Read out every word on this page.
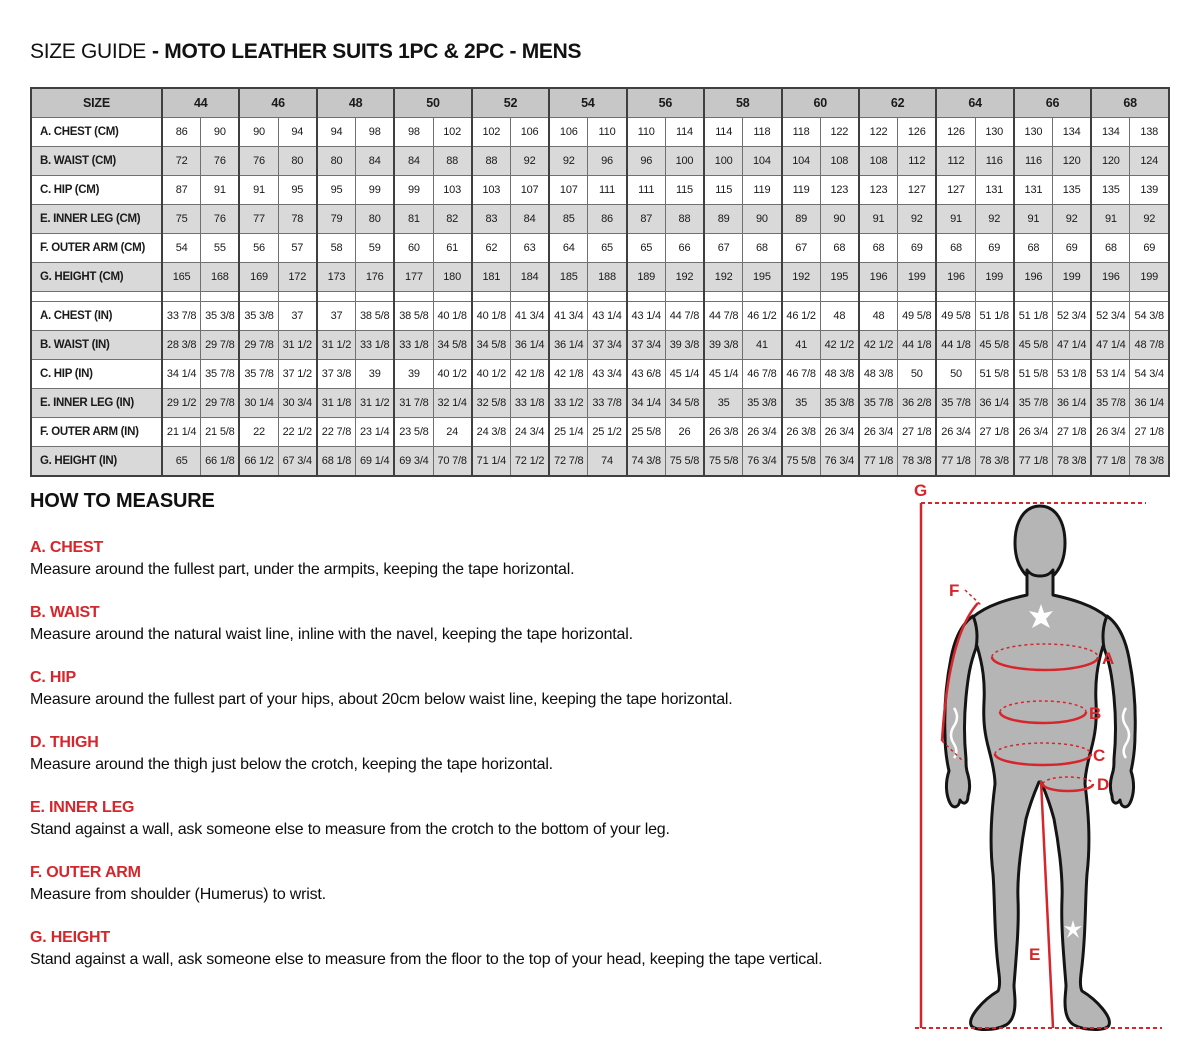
SIZE GUIDE - MOTO LEATHER SUITS 1PC & 2PC - MENS
SIZE	44		46		48		50		52		54		56		58		60		62		64		66		68	
A. CHEST (CM)	86	90	90	94	94	98	98	102	102	106	106	110	110	114	114	118	118	122	122	126	126	130	130	134	134	138
B. WAIST (CM)	72	76	76	80	80	84	84	88	88	92	92	96	96	100	100	104	104	108	108	112	112	116	116	120	120	124
C. HIP (CM)	87	91	91	95	95	99	99	103	103	107	107	111	111	115	115	119	119	123	123	127	127	131	131	135	135	139
E. INNER LEG (CM)	75	76	77	78	79	80	81	82	83	84	85	86	87	88	89	90	89	90	91	92	91	92	91	92	91	92
F. OUTER ARM (CM)	54	55	56	57	58	59	60	61	62	63	64	65	65	66	67	68	67	68	68	69	68	69	68	69	68	69
G. HEIGHT (CM)	165	168	169	172	173	176	177	180	181	184	185	188	189	192	192	195	192	195	196	199	196	199	196	199	196	199

A. CHEST (IN)	33 7/8	35 3/8	35 3/8	37	37	38 5/8	38 5/8	40 1/8	40 1/8	41 3/4	41 3/4	43 1/4	43 1/4	44 7/8	44 7/8	46 1/2	46 1/2	48	48	49 5/8	49 5/8	51 1/8	51 1/8	52 3/4	52 3/4	54 3/8
B. WAIST (IN)	28 3/8	29 7/8	29 7/8	31 1/2	31 1/2	33 1/8	33 1/8	34 5/8	34 5/8	36 1/4	36 1/4	37 3/4	37 3/4	39 3/8	39 3/8	41	41	42 1/2	42 1/2	44 1/8	44 1/8	45 5/8	45 5/8	47 1/4	47 1/4	48 7/8
C. HIP (IN)	34 1/4	35 7/8	35 7/8	37 1/2	37 3/8	39	39	40 1/2	40 1/2	42 1/8	42 1/8	43 3/4	43 6/8	45 1/4	45 1/4	46 7/8	46 7/8	48 3/8	48 3/8	50	50	51 5/8	51 5/8	53 1/8	53 1/4	54 3/4
E. INNER LEG (IN)	29 1/2	29 7/8	30 1/4	30 3/4	31 1/8	31 1/2	31 7/8	32 1/4	32 5/8	33 1/8	33 1/2	33 7/8	34 1/4	34 5/8	35	35 3/8	35	35 3/8	35 7/8	36 2/8	35 7/8	36 1/4	35 7/8	36 1/4	35 7/8	36 1/4
F. OUTER ARM (IN)	21 1/4	21 5/8	22	22 1/2	22 7/8	23 1/4	23 5/8	24	24 3/8	24 3/4	25 1/4	25 1/2	25 5/8	26	26 3/8	26 3/4	26 3/8	26 3/4	26 3/4	27 1/8	26 3/4	27 1/8	26 3/4	27 1/8	26 3/4	27 1/8
G. HEIGHT (IN)	65	66 1/8	66 1/2	67 3/4	68 1/8	69 1/4	69 3/4	70 7/8	71 1/4	72 1/2	72 7/8	74	74 3/8	75 5/8	75 5/8	76 3/4	75 5/8	76 3/4	77 1/8	78 3/8	77 1/8	78 3/8	77 1/8	78 3/8	77 1/8	78 3/8
HOW TO MEASURE
A. CHEST

Measure around the fullest part, under the armpits, keeping the tape horizontal.

B. WAIST

Measure around the natural waist line, inline with the navel, keeping the tape horizontal.

C. HIP

Measure around the fullest part of your hips, about 20cm below waist line, keeping the tape horizontal.

D. THIGH

Measure around the thigh just below the crotch, keeping the tape horizontal.

E. INNER LEG

Stand against a wall, ask someone else to measure from the crotch to the bottom of your leg.

F. OUTER ARM

Measure from shoulder (Humerus) to wrist.

G. HEIGHT

Stand against a wall, ask someone else to measure from the floor to the top of your head, keeping the tape vertical.

G
F
A
B
C
D
E
